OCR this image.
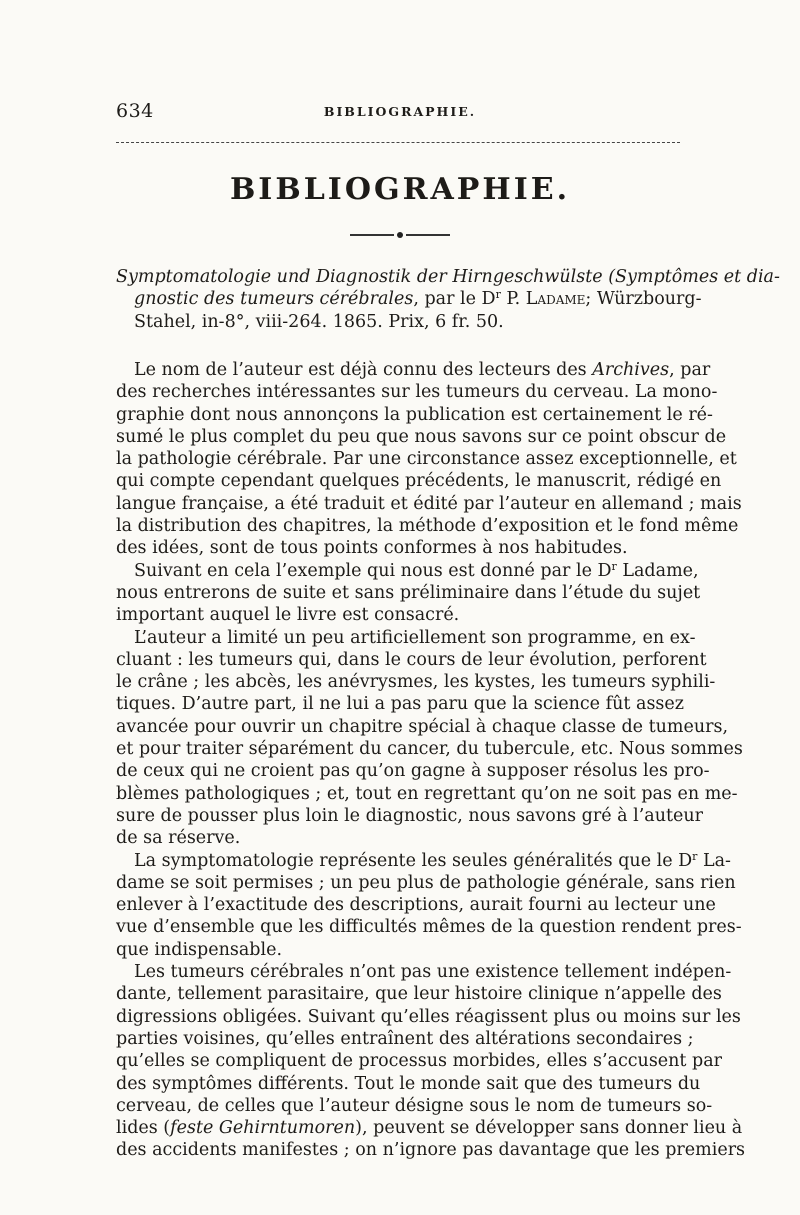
634	BIBLIOGRAPHIE.
BIBLIOGRAPHIE.
Symptomatologie und Diagnostik der Hirngeschwülste (Symptômes et dia-
gnostic des tumeurs cérébrales, par le $D^r$ P. Ladame; Würzbourg-
Stahel, in-8°, viii-264. 1865. Prix, 6 fr. 50.
Le nom de l’auteur est déjà connu des lecteurs des Archives, par
des recherches intéressantes sur les tumeurs du cerveau. La mono-
graphie dont nous annonçons la publication est certainement le ré-
sumé le plus complet du peu que nous savons sur ce point obscur de
la pathologie cérébrale. Par une circonstance assez exceptionnelle, et
qui compte cependant quelques précédents, le manuscrit, rédigé en
langue française, a été traduit et édité par l’auteur en allemand ; mais
la distribution des chapitres, la méthode d’exposition et le fond même
des idées, sont de tous points conformes à nos habitudes.
Suivant en cela l’exemple qui nous est donné par le $D^r$ Ladame,
nous entrerons de suite et sans préliminaire dans l’étude du sujet
important auquel le livre est consacré.
L’auteur a limité un peu artificiellement son programme, en ex-
cluant : les tumeurs qui, dans le cours de leur évolution, perforent
le crâne ; les abcès, les anévrysmes, les kystes, les tumeurs syphili-
tiques. D’autre part, il ne lui a pas paru que la science fût assez
avancée pour ouvrir un chapitre spécial à chaque classe de tumeurs,
et pour traiter séparément du cancer, du tubercule, etc. Nous sommes
de ceux qui ne croient pas qu’on gagne à supposer résolus les pro-
blèmes pathologiques ; et, tout en regrettant qu’on ne soit pas en me-
sure de pousser plus loin le diagnostic, nous savons gré à l’auteur
de sa réserve.
La symptomatologie représente les seules généralités que le $D^r$ La-
dame se soit permises ; un peu plus de pathologie générale, sans rien
enlever à l’exactitude des descriptions, aurait fourni au lecteur une
vue d’ensemble que les difficultés mêmes de la question rendent pres-
que indispensable.
Les tumeurs cérébrales n’ont pas une existence tellement indépen-
dante, tellement parasitaire, que leur histoire clinique n’appelle des
digressions obligées. Suivant qu’elles réagissent plus ou moins sur les
parties voisines, qu’elles entraînent des altérations secondaires ;
qu’elles se compliquent de processus morbides, elles s’accusent par
des symptômes différents. Tout le monde sait que des tumeurs du
cerveau, de celles que l’auteur désigne sous le nom de tumeurs so-
lides (feste Gehirntumoren), peuvent se développer sans donner lieu à
des accidents manifestes ; on n’ignore pas davantage que les premiers
